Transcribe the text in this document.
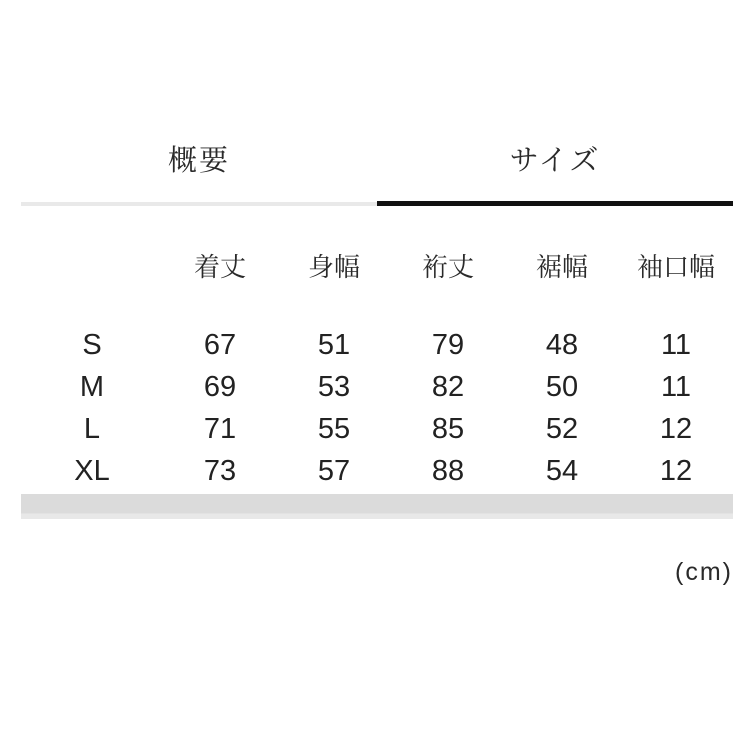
概要	サイズ
	着丈	身幅	裄丈	裾幅	袖口幅
S	67	51	79	48	11
M	69	53	82	50	11
L	71	55	85	52	12
XL	73	57	88	54	12
(cm)
